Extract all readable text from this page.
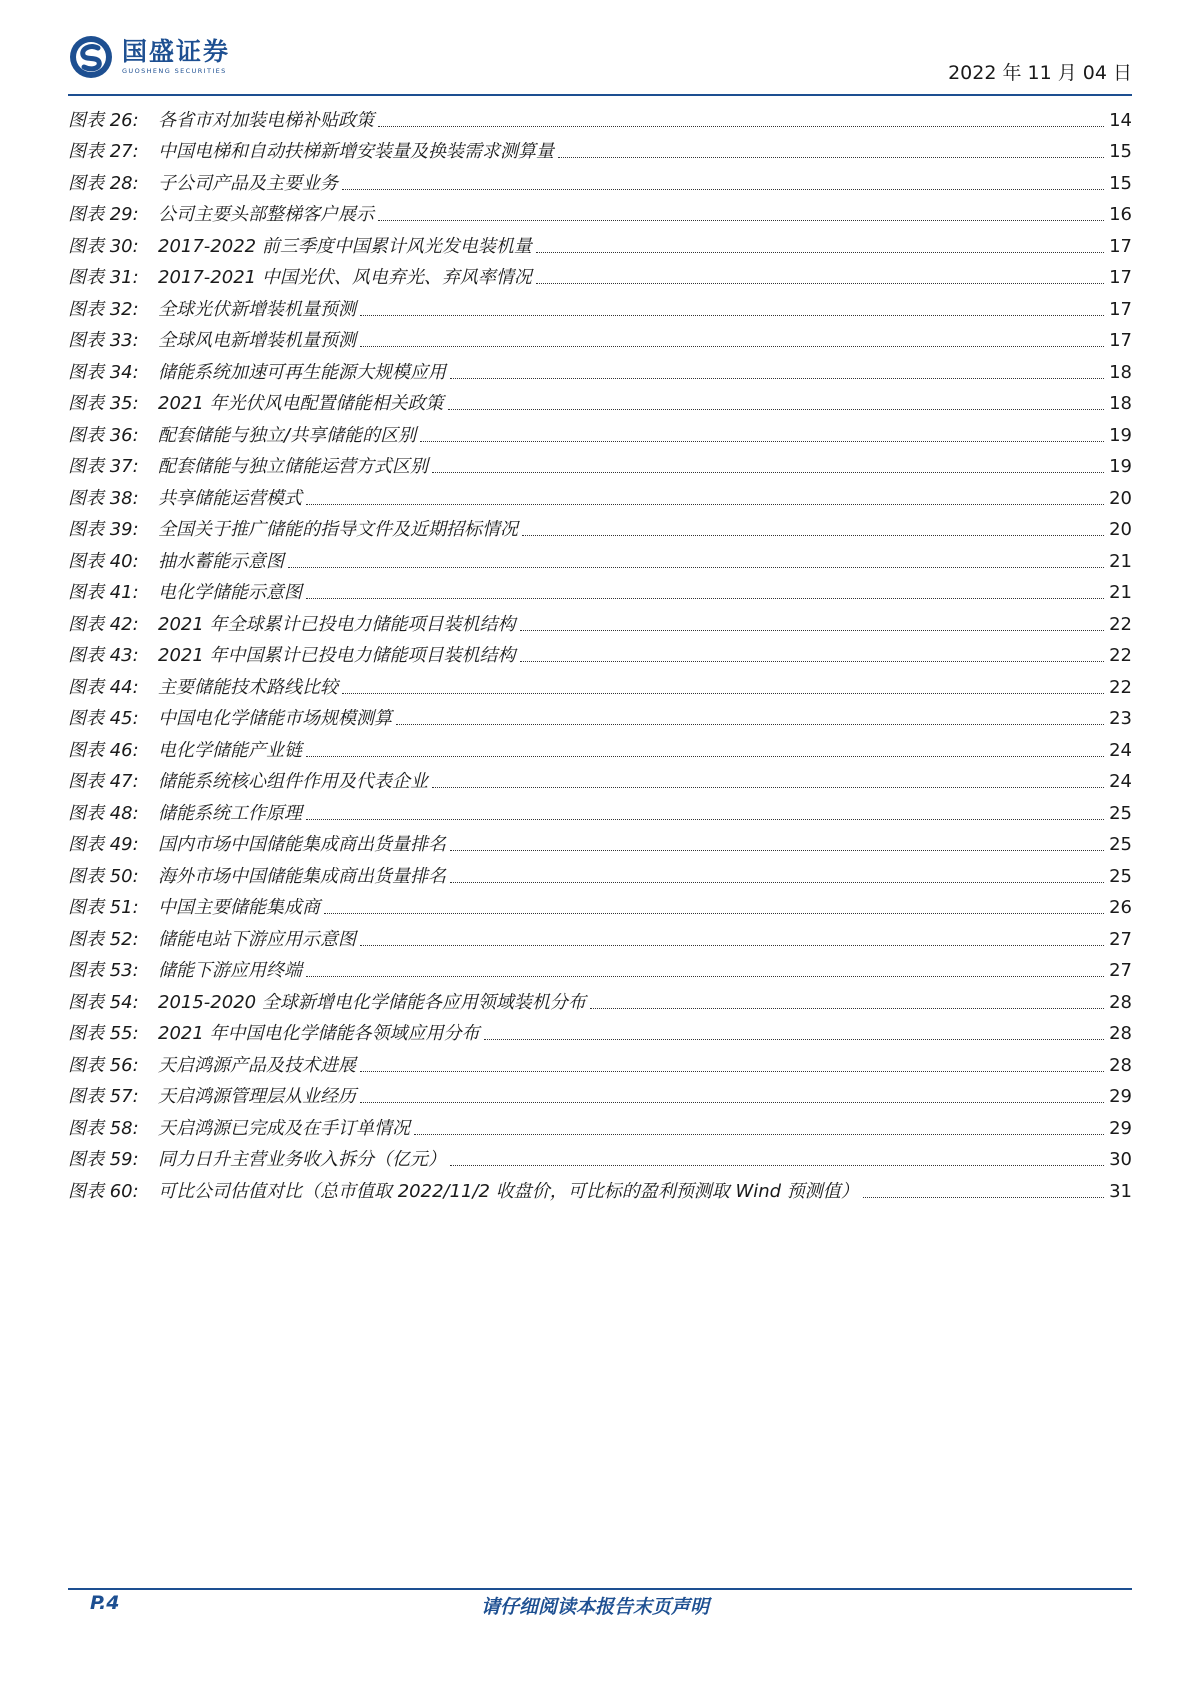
国盛证券
GUOSHENG SECURITIES	2022 年 11 月 04 日
图表 26:	各省市对加装电梯补贴政策	14
图表 27:	中国电梯和自动扶梯新增安装量及换装需求测算量	15
图表 28:	子公司产品及主要业务	15
图表 29:	公司主要头部整梯客户展示	16
图表 30:	2017-2022 前三季度中国累计风光发电装机量	17
图表 31:	2017-2021 中国光伏、风电弃光、弃风率情况	17
图表 32:	全球光伏新增装机量预测	17
图表 33:	全球风电新增装机量预测	17
图表 34:	储能系统加速可再生能源大规模应用	18
图表 35:	2021 年光伏风电配置储能相关政策	18
图表 36:	配套储能与独立/共享储能的区别	19
图表 37:	配套储能与独立储能运营方式区别	19
图表 38:	共享储能运营模式	20
图表 39:	全国关于推广储能的指导文件及近期招标情况	20
图表 40:	抽水蓄能示意图	21
图表 41:	电化学储能示意图	21
图表 42:	2021 年全球累计已投电力储能项目装机结构	22
图表 43:	2021 年中国累计已投电力储能项目装机结构	22
图表 44:	主要储能技术路线比较	22
图表 45:	中国电化学储能市场规模测算	23
图表 46:	电化学储能产业链	24
图表 47:	储能系统核心组件作用及代表企业	24
图表 48:	储能系统工作原理	25
图表 49:	国内市场中国储能集成商出货量排名	25
图表 50:	海外市场中国储能集成商出货量排名	25
图表 51:	中国主要储能集成商	26
图表 52:	储能电站下游应用示意图	27
图表 53:	储能下游应用终端	27
图表 54:	2015-2020 全球新增电化学储能各应用领域装机分布	28
图表 55:	2021 年中国电化学储能各领域应用分布	28
图表 56:	天启鸿源产品及技术进展	28
图表 57:	天启鸿源管理层从业经历	29
图表 58:	天启鸿源已完成及在手订单情况	29
图表 59:	同力日升主营业务收入拆分（亿元）	30
图表 60:	可比公司估值对比（总市值取 2022/11/2 收盘价，可比标的盈利预测取 Wind 预测值）	31
P.4	请仔细阅读本报告末页声明
